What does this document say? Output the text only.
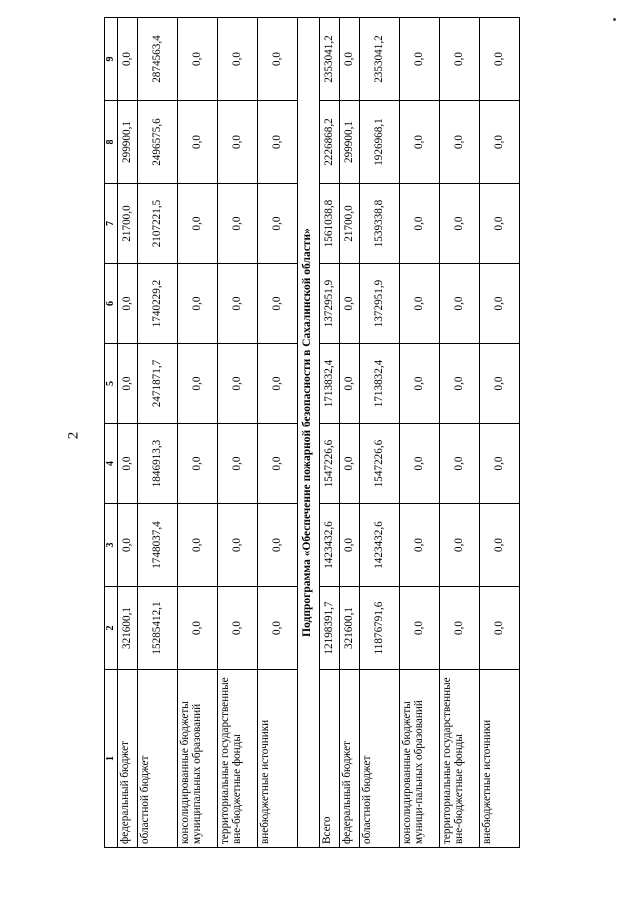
2
1	2	3	4	5	6	7	8	9
федеральный бюджет	321600,1	0,0	0,0	0,0	0,0	21700,0	299900,1	0,0
областной бюджет	15285412,1	1748037,4	1846913,3	2471871,7	1740229,2	2107221,5	2496575,6	2874563,4
консолидированные бюджеты муниципальных образований	0,0	0,0	0,0	0,0	0,0	0,0	0,0	0,0
территориальные государственные вне-бюджетные фонды	0,0	0,0	0,0	0,0	0,0	0,0	0,0	0,0
внебюджетные источники	0,0	0,0	0,0	0,0	0,0	0,0	0,0	0,0
Подпрограмма «Обеспечение пожарной безопасности в Сахалинской области»								
Всего	12198391,7	1423432,6	1547226,6	1713832,4	1372951,9	1561038,8	2226868,2	2353041,2
федеральный бюджет	321600,1	0,0	0,0	0,0	0,0	21700,0	299900,1	0,0
областной бюджет	11876791,6	1423432,6	1547226,6	1713832,4	1372951,9	1539338,8	1926968,1	2353041,2
консолидированные бюджеты муници-пальных образований	0,0	0,0	0,0	0,0	0,0	0,0	0,0	0,0
территориальные государственные вне-бюджетные фонды	0,0	0,0	0,0	0,0	0,0	0,0	0,0	0,0
внебюджетные источники	0,0	0,0	0,0	0,0	0,0	0,0	0,0	0,0
